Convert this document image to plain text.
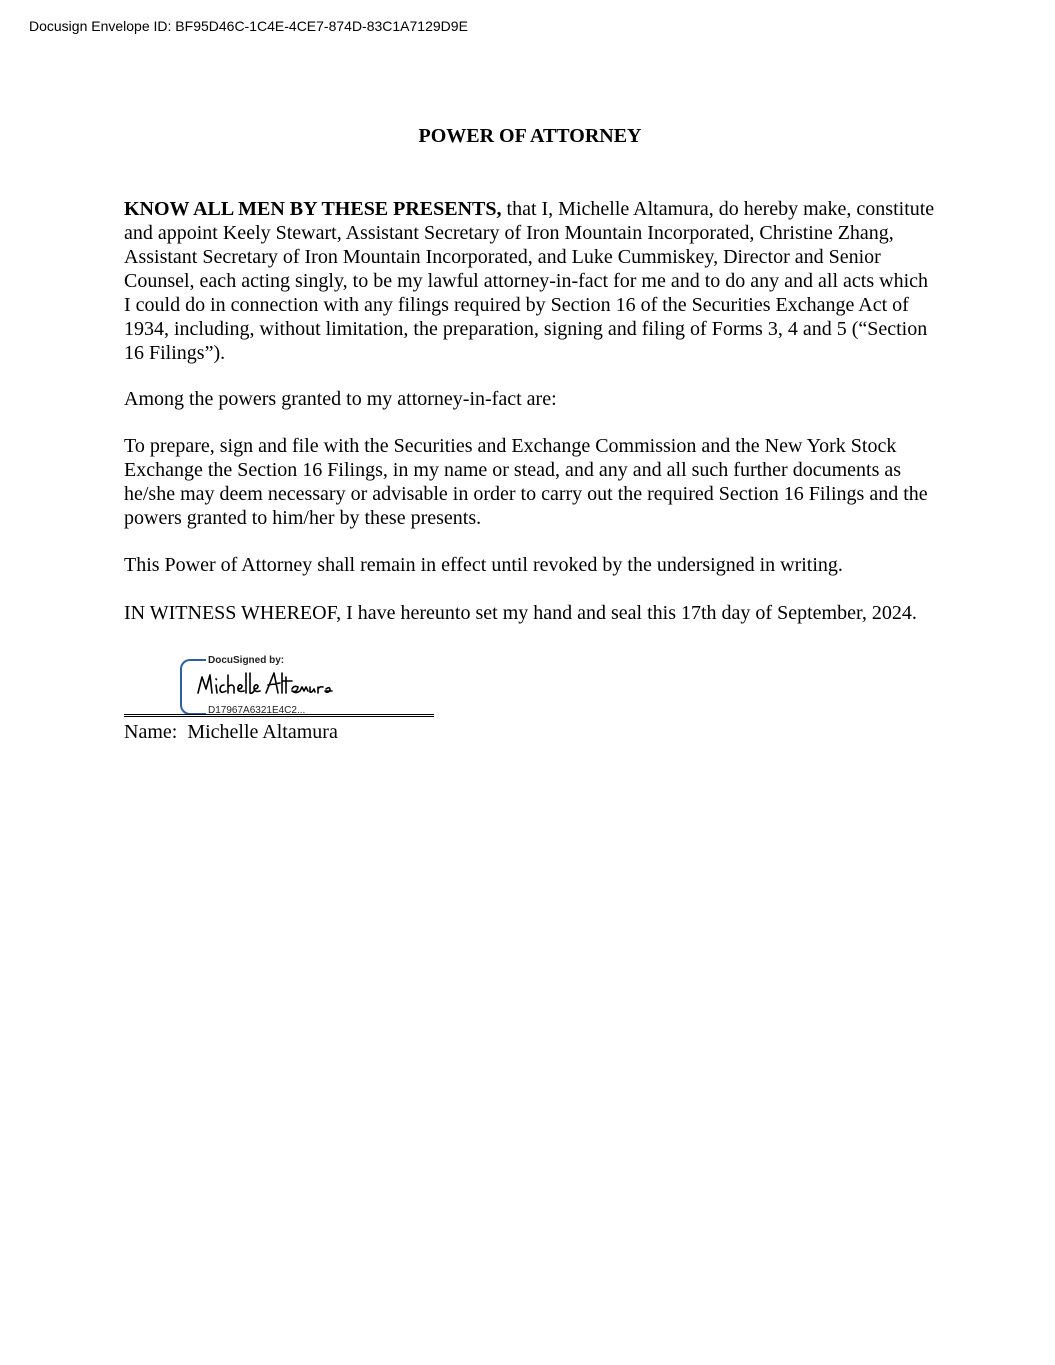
Docusign Envelope ID: BF95D46C-1C4E-4CE7-874D-83C1A7129D9E

POWER OF ATTORNEY

KNOW ALL MEN BY THESE PRESENTS, that I, Michelle Altamura, do hereby make, constitute and appoint Keely Stewart, Assistant Secretary of Iron Mountain Incorporated, Christine Zhang, Assistant Secretary of Iron Mountain Incorporated, and Luke Cummiskey, Director and Senior Counsel, each acting singly, to be my lawful attorney-in-fact for me and to do any and all acts which I could do in connection with any filings required by Section 16 of the Securities Exchange Act of 1934, including, without limitation, the preparation, signing and filing of Forms 3, 4 and 5 (“Section 16 Filings”).

Among the powers granted to my attorney-in-fact are:

To prepare, sign and file with the Securities and Exchange Commission and the New York Stock Exchange the Section 16 Filings, in my name or stead, and any and all such further documents as he/she may deem necessary or advisable in order to carry out the required Section 16 Filings and the powers granted to him/her by these presents.

This Power of Attorney shall remain in effect until revoked by the undersigned in writing.

IN WITNESS WHEREOF, I have hereunto set my hand and seal this 17th day of September, 2024.

DocuSigned by:
D17967A6321E4C2...
Name: Michelle Altamura
